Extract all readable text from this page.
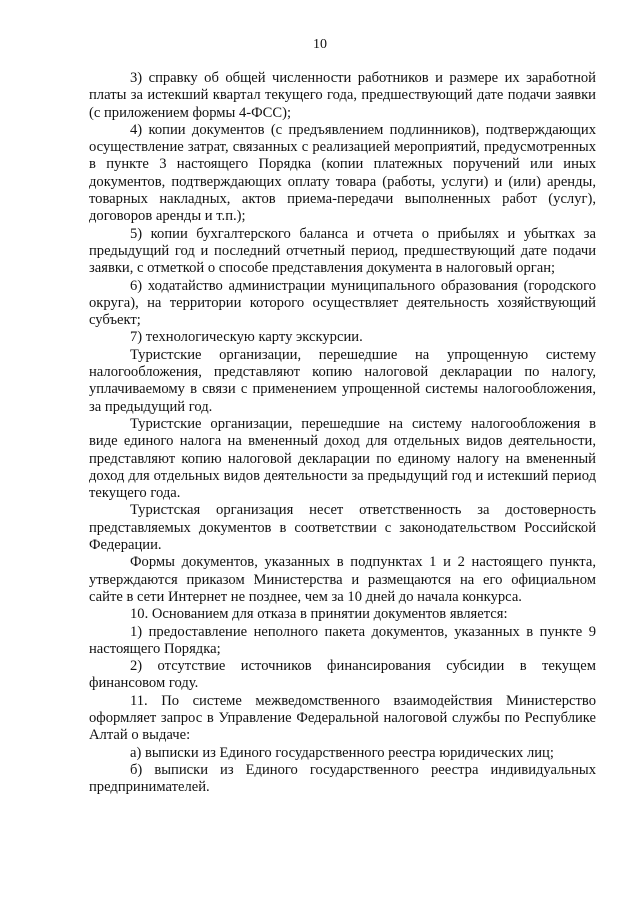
10

3) справку об общей численности работников и размере их заработной платы за истекший квартал текущего года, предшествующий дате подачи заявки (с приложением формы 4-ФСС);

4) копии документов (с предъявлением подлинников), подтверждающих осуществление затрат, связанных с реализацией мероприятий, предусмотренных в пункте 3 настоящего Порядка (копии платежных поручений или иных документов, подтверждающих оплату товара (работы, услуги) и (или) аренды, товарных накладных, актов приема-передачи выполненных работ (услуг), договоров аренды и т.п.);

5) копии бухгалтерского баланса и отчета о прибылях и убытках за предыдущий год и последний отчетный период, предшествующий дате подачи заявки, с отметкой о способе представления документа в налоговый орган;

6) ходатайство администрации муниципального образования (городского округа), на территории которого осуществляет деятельность хозяйствующий субъект;

7) технологическую карту экскурсии.

Туристские организации, перешедшие на упрощенную систему налогообложения, представляют копию налоговой декларации по налогу, уплачиваемому в связи с применением упрощенной системы налогообложения, за предыдущий год.

Туристские организации, перешедшие на систему налогообложения в виде единого налога на вмененный доход для отдельных видов деятельности, представляют копию налоговой декларации по единому налогу на вмененный доход для отдельных видов деятельности за предыдущий год и истекший период текущего года.

Туристская организация несет ответственность за достоверность представляемых документов в соответствии с законодательством Российской Федерации.

Формы документов, указанных в подпунктах 1 и 2 настоящего пункта, утверждаются приказом Министерства и размещаются на его официальном сайте в сети Интернет не позднее, чем за 10 дней до начала конкурса.

10. Основанием для отказа в принятии документов является:

1) предоставление неполного пакета документов, указанных в пункте 9 настоящего Порядка;

2) отсутствие источников финансирования субсидии в текущем финансовом году.

11. По системе межведомственного взаимодействия Министерство оформляет запрос в Управление Федеральной налоговой службы по Республике Алтай о выдаче:

а) выписки из Единого государственного реестра юридических лиц;

б) выписки из Единого государственного реестра индивидуальных предпринимателей.
